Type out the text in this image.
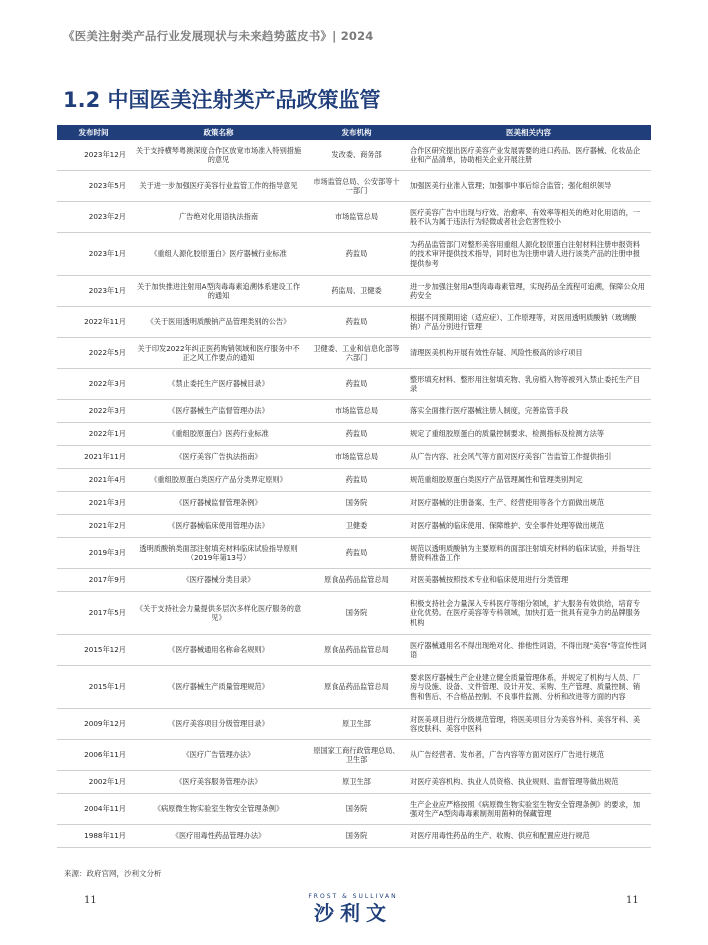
《医美注射类产品行业发展现状与未来趋势蓝皮书》| 2024
1.2 中国医美注射类产品政策监管
发布时间	政策名称	发布机构	医美相关内容
2023年12月	关于支持横琴粤澳深度合作区放宽市场准入特别措施的意见	发改委、商务部	合作区研究提出医疗美容产业发展需要的进口药品、医疗器械、化妆品企业和产品清单，协助相关企业开展注册
2023年5月	关于进一步加强医疗美容行业监管工作的指导意见	市场监管总局、公安部等十一部门	加强医美行业准入管理；加强事中事后综合监管；强化组织领导
2023年2月	广告绝对化用语执法指南	市场监管总局	医疗美容广告中出现与疗效、治愈率、有效率等相关的绝对化用语的，一般不认为属于违法行为轻微或者社会危害性较小
2023年1月	《重组人源化胶原蛋白》医疗器械行业标准	药监局	为药品监管部门对整形美容用重组人源化胶原蛋白注射材料注册申报资料的技术审评提供技术指导，同时也为注册申请人进行该类产品的注册申报提供参考
2023年1月	关于加快推进注射用A型肉毒毒素追溯体系建设工作的通知	药监局、卫健委	进一步加强注射用A型肉毒毒素管理，实现药品全流程可追溯，保障公众用药安全
2022年11月	《关于医用透明质酸钠产品管理类别的公告》	药监局	根据不同预期用途（适应症）、工作原理等，对医用透明质酸钠（玻璃酸钠）产品分别进行管理
2022年5月	关于印发2022年纠正医药购销领域和医疗服务中不正之风工作要点的通知	卫健委、工业和信息化部等六部门	清理医美机构开展有效性存疑、风险性极高的诊疗项目
2022年3月	《禁止委托生产医疗器械目录》	药监局	整形填充材料、整形用注射填充物、乳房植入物等被列入禁止委托生产目录
2022年3月	《医疗器械生产监督管理办法》	市场监管总局	落实全面推行医疗器械注册人制度，完善监管手段
2022年1月	《重组胶原蛋白》医药行业标准	药监局	规定了重组胶原蛋白的质量控制要求、检测指标及检测方法等
2021年11月	《医疗美容广告执法指南》	市场监管总局	从广告内容、社会风气等方面对医疗美容广告监管工作提供指引
2021年4月	《重组胶原蛋白类医疗产品分类界定原则》	药监局	规范重组胶原蛋白类医疗产品管理属性和管理类别判定
2021年3月	《医疗器械监督管理条例》	国务院	对医疗器械的注册备案、生产、经营使用等各个方面做出规范
2021年2月	《医疗器械临床使用管理办法》	卫健委	对医疗器械的临床使用、保障维护、安全事件处理等做出规范
2019年3月	透明质酸钠类面部注射填充材料临床试验指导原则（2019年第13号）	药监局	规范以透明质酸钠为主要原料的面部注射填充材料的临床试验，并指导注册资料准备工作
2017年9月	《医疗器械分类目录》	原食品药品监管总局	对医美器械按照技术专业和临床使用进行分类管理
2017年5月	《关于支持社会力量提供多层次多样化医疗服务的意见》	国务院	积极支持社会力量深入专科医疗等细分领域，扩大服务有效供给，培育专业化优势。在医疗美容等专科领域，加快打造一批具有竞争力的品牌服务机构
2015年12月	《医疗器械通用名称命名规则》	原食品药品监管总局	医疗器械通用名不得出现绝对化、排他性词语，不得出现"美容"等宣传性词语
2015年1月	《医疗器械生产质量管理规范》	原食品药品监管总局	要求医疗器械生产企业建立健全质量管理体系，并规定了机构与人员、厂房与设施、设备、文件管理、设计开发、采购、生产管理、质量控制、销售和售后、不合格品控制、不良事件监测、分析和改进等方面的内容
2009年12月	《医疗美容项目分级管理目录》	原卫生部	对医美项目进行分级规范管理，将医美项目分为美容外科、美容牙科、美容皮肤科、美容中医科
2006年11月	《医疗广告管理办法》	原国家工商行政管理总局、卫生部	从广告经营者、发布者，广告内容等方面对医疗广告进行规范
2002年1月	《医疗美容服务管理办法》	原卫生部	对医疗美容机构、执业人员资格、执业规则、监督管理等做出规范
2004年11月	《病原微生物实验室生物安全管理条例》	国务院	生产企业应严格按照《病原微生物实验室生物安全管理条例》的要求，加强对生产A型肉毒毒素制剂用菌种的保藏管理
1988年11月	《医疗用毒性药品管理办法》	国务院	对医疗用毒性药品的生产、收购、供应和配置应进行规范
来源：政府官网，沙利文分析
11	FROST & SULLIVAN
沙利文
11
